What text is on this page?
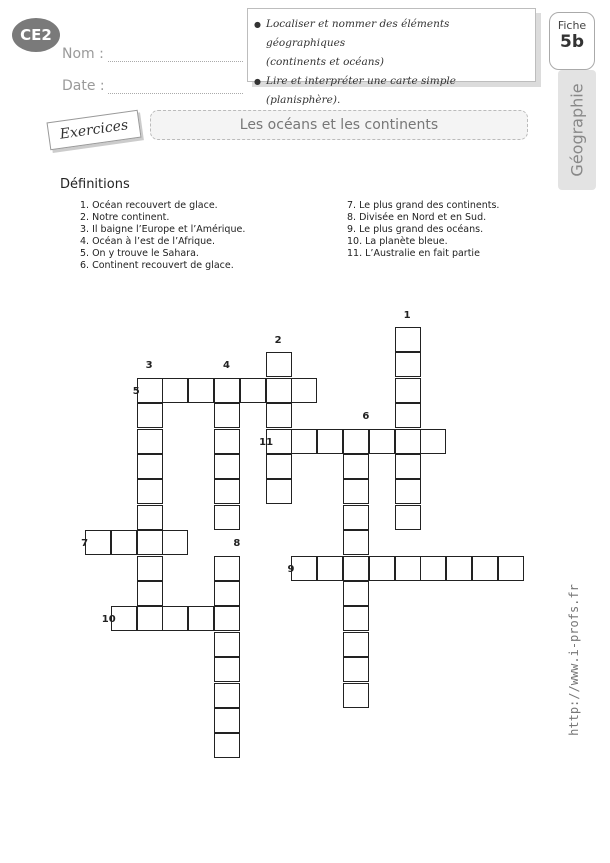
CE2
Nom :
Date :
● Localiser et nommer des éléments géographiques
(continents et océans)
● Lire et interpréter une carte simple (planisphère).
Fiche
5b
Géographie
Exercices	Les océans et les continents
Définitions
1. Océan recouvert de glace.
2. Notre continent.
3. Il baigne l’Europe et l’Amérique.
4. Océan à l’est de l’Afrique.
5. On y trouve le Sahara.
6. Continent recouvert de glace.
7. Le plus grand des continents.
8. Divisée en Nord et en Sud.
9. Le plus grand des océans.
10. La planète bleue.
11. L’Australie en fait partie
1
2
3	4
5
6
7	8
9
10
11
http://www.i-profs.fr
